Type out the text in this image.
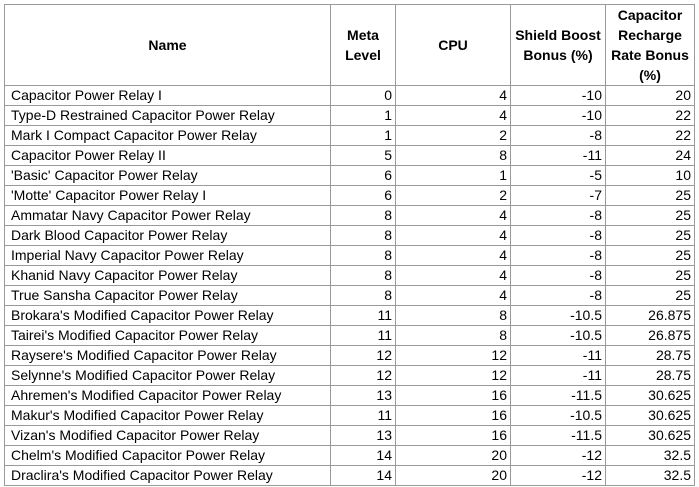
Name	Meta Level	CPU	Shield Boost Bonus (%)	Capacitor Recharge Rate Bonus (%)
Capacitor Power Relay I	0	4	-10	20
Type-D Restrained Capacitor Power Relay	1	4	-10	22
Mark I Compact Capacitor Power Relay	1	2	-8	22
Capacitor Power Relay II	5	8	-11	24
'Basic' Capacitor Power Relay	6	1	-5	10
'Motte' Capacitor Power Relay I	6	2	-7	25
Ammatar Navy Capacitor Power Relay	8	4	-8	25
Dark Blood Capacitor Power Relay	8	4	-8	25
Imperial Navy Capacitor Power Relay	8	4	-8	25
Khanid Navy Capacitor Power Relay	8	4	-8	25
True Sansha Capacitor Power Relay	8	4	-8	25
Brokara's Modified Capacitor Power Relay	11	8	-10.5	26.875
Tairei's Modified Capacitor Power Relay	11	8	-10.5	26.875
Raysere's Modified Capacitor Power Relay	12	12	-11	28.75
Selynne's Modified Capacitor Power Relay	12	12	-11	28.75
Ahremen's Modified Capacitor Power Relay	13	16	-11.5	30.625
Makur's Modified Capacitor Power Relay	11	16	-10.5	30.625
Vizan's Modified Capacitor Power Relay	13	16	-11.5	30.625
Chelm's Modified Capacitor Power Relay	14	20	-12	32.5
Draclira's Modified Capacitor Power Relay	14	20	-12	32.5
